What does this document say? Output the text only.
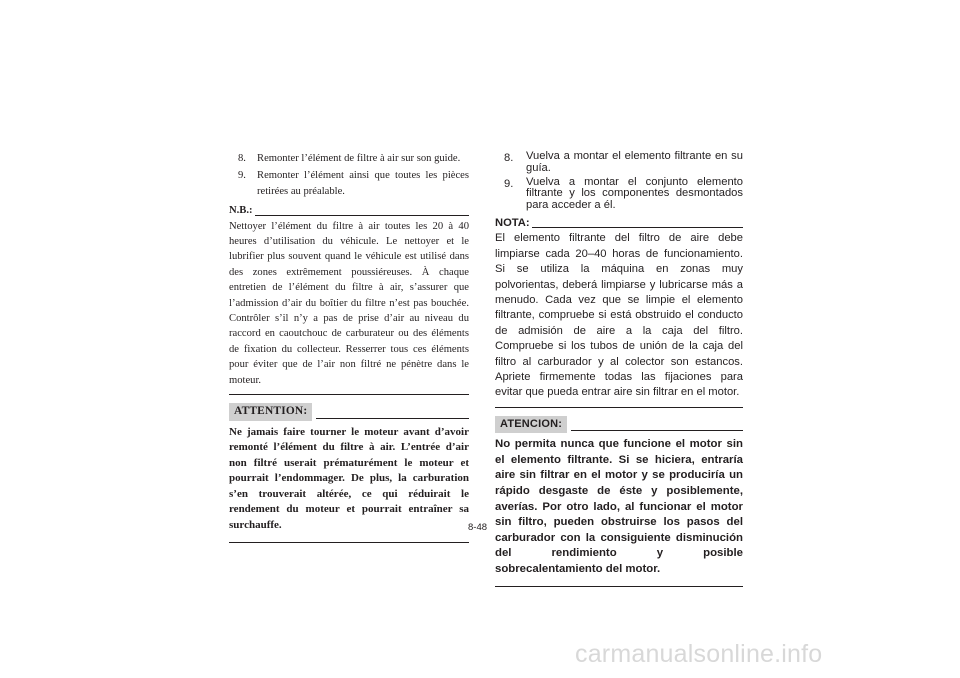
8.	Remonter l’élément de filtre à air sur son guide.
9.	Remonter l’élément ainsi que toutes les pièces retirées au préalable.
N.B.:
Nettoyer l’élément du filtre à air toutes les 20 à 40 heures d’utilisation du véhicule. Le nettoyer et le lubrifier plus souvent quand le véhicule est utilisé dans des zones extrêmement poussiéreuses. À chaque entretien de l’élément du filtre à air, s’assurer que l’admission d’air du boîtier du filtre n’est pas bouchée. Contrôler s’il n’y a pas de prise d’air au niveau du raccord en caoutchouc de carburateur ou des éléments de fixation du collecteur. Resserrer tous ces éléments pour éviter que de l’air non filtré ne pénètre dans le moteur.
ATTENTION:
Ne jamais faire tourner le moteur avant d’avoir remonté l’élément du filtre à air. L’entrée d’air non filtré userait prématurément le moteur et pourrait l’endommager. De plus, la carburation s’en trouverait altérée, ce qui réduirait le rendement du moteur et pourrait entraîner sa surchauffe.
8.	Vuelva a montar el elemento filtrante en su guía.
9.	Vuelva a montar el conjunto elemento filtrante y los componentes desmontados para acceder a él.
NOTA:
El elemento filtrante del filtro de aire debe limpiarse cada 20–40 horas de funcionamiento. Si se utiliza la máquina en zonas muy polvorientas, deberá limpiarse y lubricarse más a menudo. Cada vez que se limpie el elemento filtrante, compruebe si está obstruido el conducto de admisión de aire a la caja del filtro. Compruebe si los tubos de unión de la caja del filtro al carburador y al colector son estancos. Apriete firmemente todas las fijaciones para evitar que pueda entrar aire sin filtrar en el motor.
ATENCION:
No permita nunca que funcione el motor sin el elemento filtrante. Si se hiciera, entraría aire sin filtrar en el motor y se produciría un rápido desgaste de éste y posiblemente, averías. Por otro lado, al funcionar el motor sin filtro, pueden obstruirse los pasos del carburador con la consiguiente disminución del rendimiento y posible sobrecalentamiento del motor.
8-48
carmanualsonline.info
